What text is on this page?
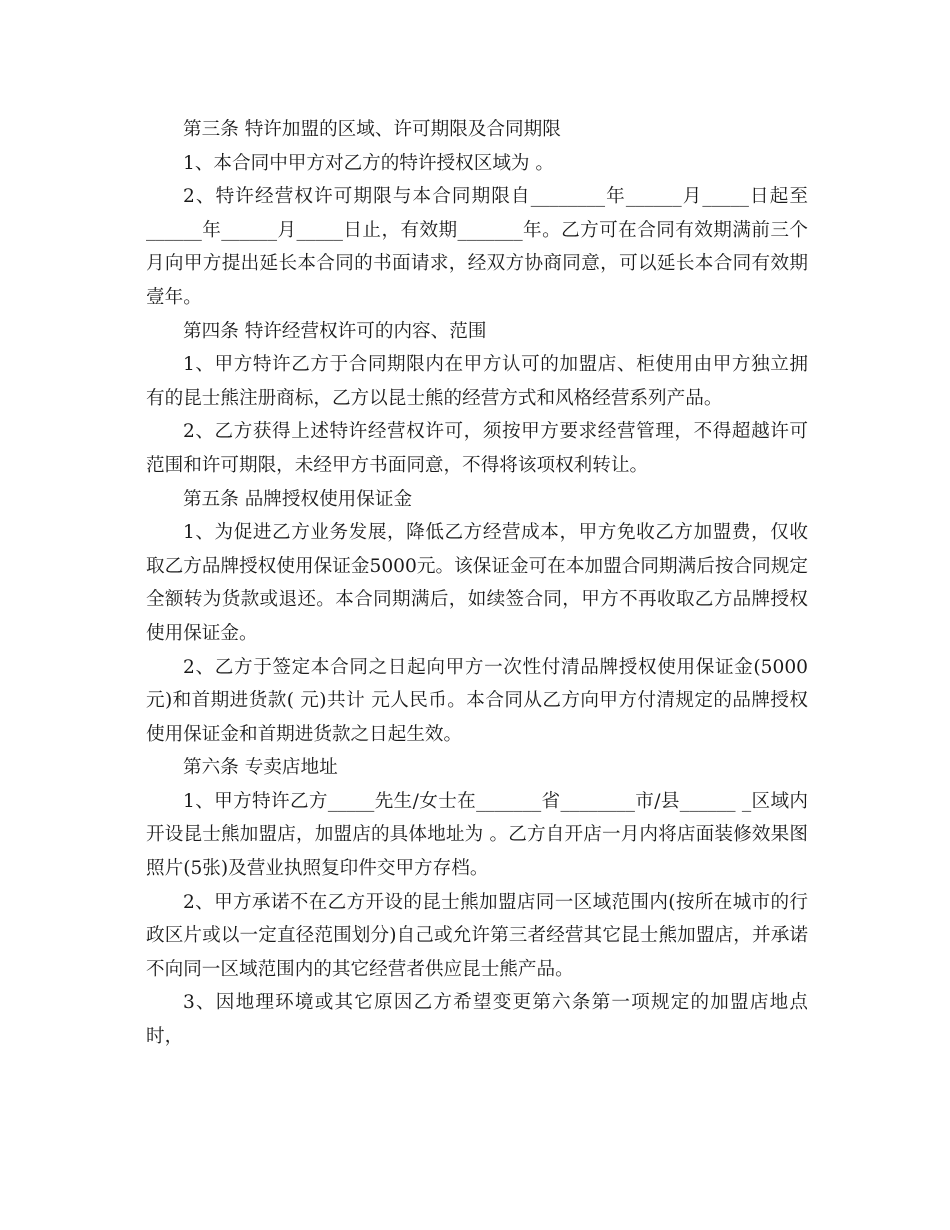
第三条 特许加盟的区域、许可期限及合同期限

1、本合同中甲方对乙方的特许授权区域为 。

2、特许经营权许可期限与本合同期限自________年______月_____日起至______年______月_____日止，有效期_______年。乙方可在合同有效期满前三个月向甲方提出延长本合同的书面请求，经双方协商同意，可以延长本合同有效期壹年。

第四条 特许经营权许可的内容、范围

1、甲方特许乙方于合同期限内在甲方认可的加盟店、柜使用由甲方独立拥有的昆士熊注册商标，乙方以昆士熊的经营方式和风格经营系列产品。

2、乙方获得上述特许经营权许可，须按甲方要求经营管理，不得超越许可范围和许可期限，未经甲方书面同意，不得将该项权利转让。

第五条 品牌授权使用保证金

1、为促进乙方业务发展，降低乙方经营成本，甲方免收乙方加盟费，仅收取乙方品牌授权使用保证金5000元。该保证金可在本加盟合同期满后按合同规定全额转为货款或退还。本合同期满后，如续签合同，甲方不再收取乙方品牌授权使用保证金。

2、乙方于签定本合同之日起向甲方一次性付清品牌授权使用保证金(5000元)和首期进货款( 元)共计 元人民币。本合同从乙方向甲方付清规定的品牌授权使用保证金和首期进货款之日起生效。

第六条 专卖店地址

1、甲方特许乙方_____先生/女士在_______省________市/县______ _区域内开设昆士熊加盟店，加盟店的具体地址为 。乙方自开店一月内将店面装修效果图照片(5张)及营业执照复印件交甲方存档。

2、甲方承诺不在乙方开设的昆士熊加盟店同一区域范围内(按所在城市的行政区片或以一定直径范围划分)自己或允许第三者经营其它昆士熊加盟店，并承诺不向同一区域范围内的其它经营者供应昆士熊产品。

3、因地理环境或其它原因乙方希望变更第六条第一项规定的加盟店地点时，
